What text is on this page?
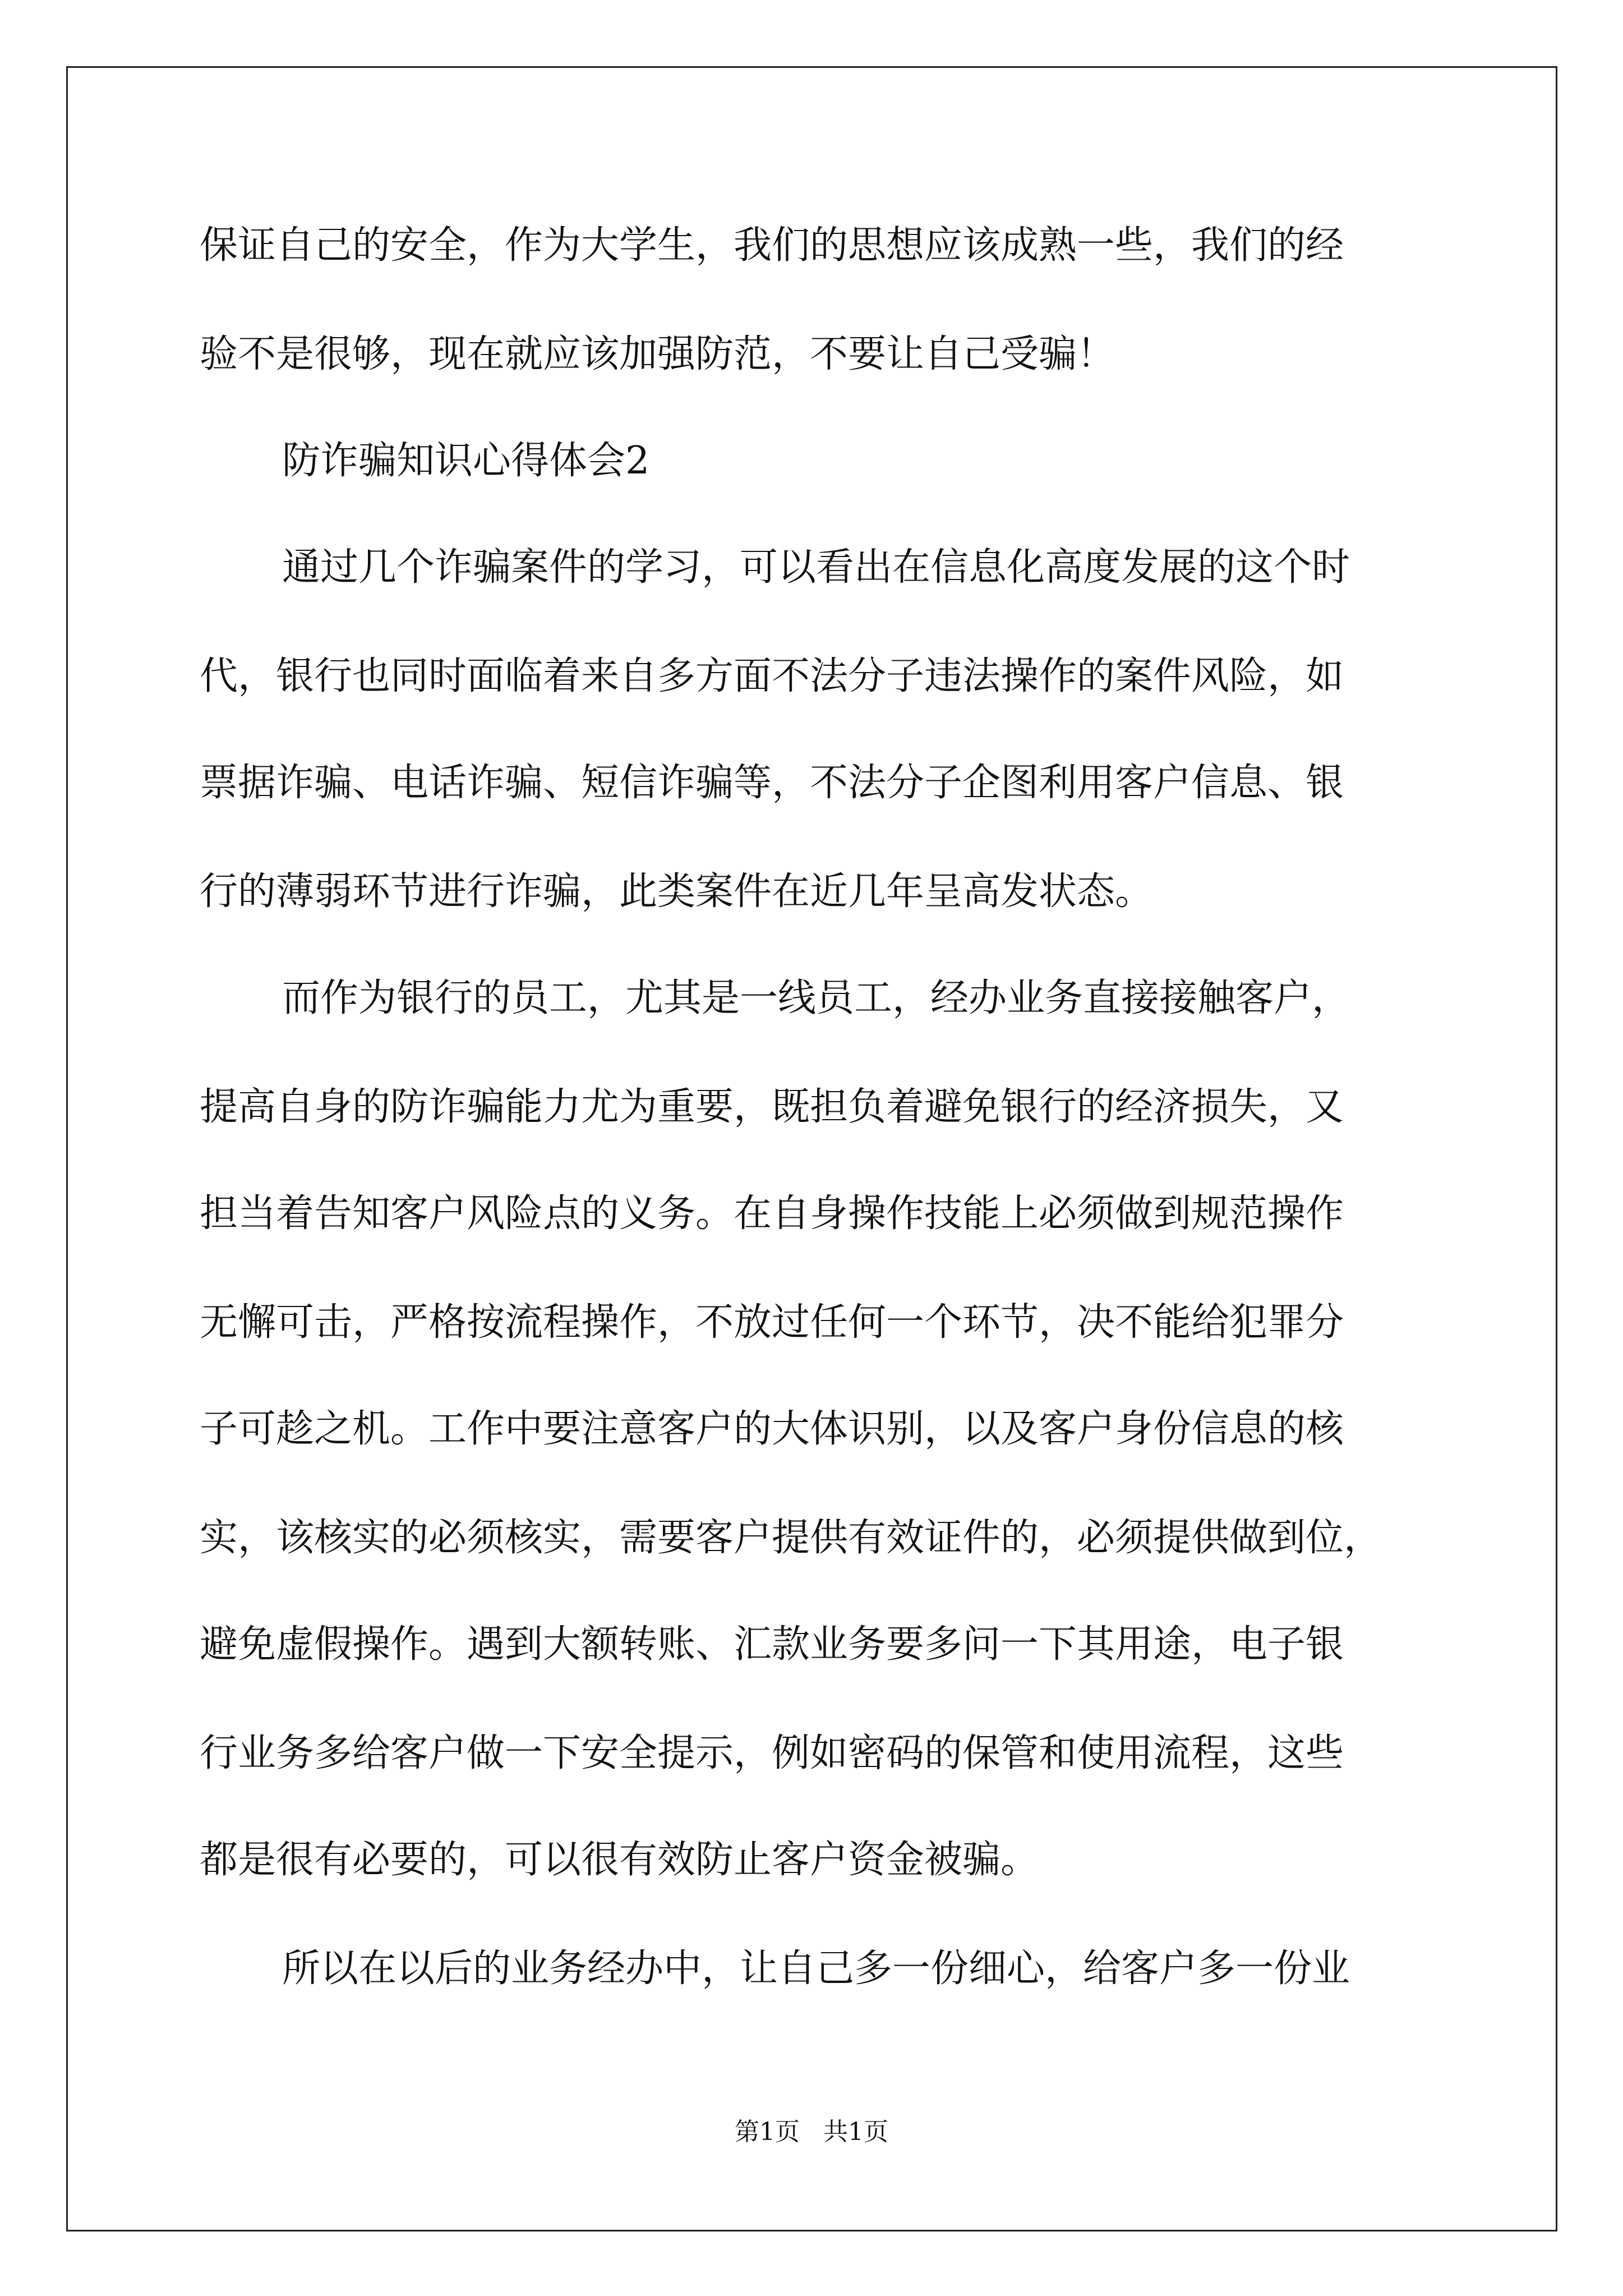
保证自己的安全，作为大学生，我们的思想应该成熟一些，我们的经
验不是很够，现在就应该加强防范，不要让自己受骗！
防诈骗知识心得体会2
通过几个诈骗案件的学习，可以看出在信息化高度发展的这个时
代，银行也同时面临着来自多方面不法分子违法操作的案件风险，如
票据诈骗、电话诈骗、短信诈骗等，不法分子企图利用客户信息、银
行的薄弱环节进行诈骗，此类案件在近几年呈高发状态。
而作为银行的员工，尤其是一线员工，经办业务直接接触客户，
提高自身的防诈骗能力尤为重要，既担负着避免银行的经济损失，又
担当着告知客户风险点的义务。在自身操作技能上必须做到规范操作
无懈可击，严格按流程操作，不放过任何一个环节，决不能给犯罪分
子可趁之机。工作中要注意客户的大体识别，以及客户身份信息的核
实，该核实的必须核实，需要客户提供有效证件的，必须提供做到位，
避免虚假操作。遇到大额转账、汇款业务要多问一下其用途，电子银
行业务多给客户做一下安全提示，例如密码的保管和使用流程，这些
都是很有必要的，可以很有效防止客户资金被骗。
所以在以后的业务经办中，让自己多一份细心，给客户多一份业
第1页   共1页
